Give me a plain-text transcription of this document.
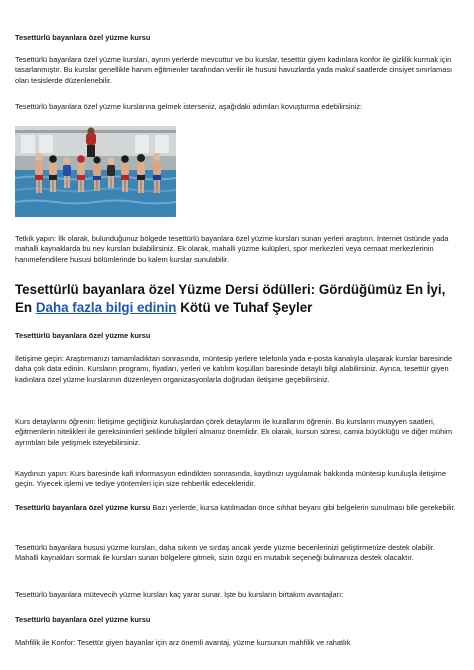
Tesettürlü bayanlara özel yüzme kursu

Tesettürlü bayanlara özel yüzme kursları, ayrım yerlerde mevcuttur ve bu kurslar, tesettür giyen kadınlara konfor ile gizlilik kurmak için tasarlanmıştır. Bu kurslar genellikle hanım eğitmenler tarafından verilir ile hususi havuzlarda yada makul saatlerde cinsiyet sınırlaması olan tesislerde düzenlenebilir.

Tesettürlü bayanlara özel yüzme kurslarına gelmek isterseniz, aşağıdaki adımları kovuşturma edebilirsiniz:

Tetkik yapın: İlk olarak, bulunduğunuz bölgede tesettürlü bayanlara özel yüzme kursları sunan yerleri araştırın. İnternet üstünde yada mahalli kaynaklarda bu nev kursları bulabilirsiniz. Ek olarak, mahalli yüzme kulüpleri, spor merkezleri veya cemaat merkezlerinin hanımefendilere hususi bölümlerinde bu kalem kurslar sunulabilir.

Tesettürlü bayanlara özel Yüzme Dersi ödülleri: Gördüğümüz En İyi, En Daha fazla bilgi edinin Kötü ve Tuhaf Şeyler

Tesettürlü bayanlara özel yüzme kursu

İletişime geçin: Araştırmanızı tamamladıktan sonrasında, müntesip yerlere telefonla yada e-posta kanalıyla ulaşarak kurslar baresinde daha çok data edinin. Kursların programı, fiyatları, yerleri ve katılım koşulları baresinde detaylı bilgi alabilirsiniz. Ayrıca, tesettür giyen kadınlara özel yüzme kurslarının düzenleyen organizasyonlarla doğrudan iletişime geçebilirsiniz.

Kurs detaylarını öğrenin: İletişime geçtiğiniz kuruluşlardan çörek detaylarını ile kurallarını öğrenin. Bu kursların muayyen saatleri, eğitmenlerin nitelikleri ile gereksinimleri şeklinde bilgileri almanız önemlidir. Ek olarak, kursun süresi, camia büyüklüğü ve diğer mühim ayrıntıları bile yetişmek isteyebilirsiniz.

Kaydınızı yapın: Kurs baresinde kafi informasyon edindikten sonrasında, kaydınızı uygulamak hakkında müntesip kuruluşla iletişime geçin. Yiyecek işlemi ve tediye yöntemleri için size rehberlik edecekleridir.

Tesettürlü bayanlara özel yüzme kursu Bazı yerlerde, kursa katılmadan önce sıhhat beyanı gibi belgelerin sunulması bile gerekebilir.

Tesettürlü bayanlara hususi yüzme kursları, daha sıkıntı ve sırdaş ancak yerde yüzme becerilerinizi geliştirmenize destek olabilir. Mahalli kaynakları sormak ile kursları sunan bölgelere gitmek, sizin özgü en mutabık seçeneği bulmanıza destek olacaktır.

Tesettürlü bayanlara mütevecih yüzme kursları kaç yarar sunar. İşte bu kursların birtakım avantajları:

Tesettürlü bayanlara özel yüzme kursu

Mahfilik ile Konfor: Tesettür giyen bayanlar için arz önemli avantaj, yüzme kursunun mahfilik ve rahatlık
